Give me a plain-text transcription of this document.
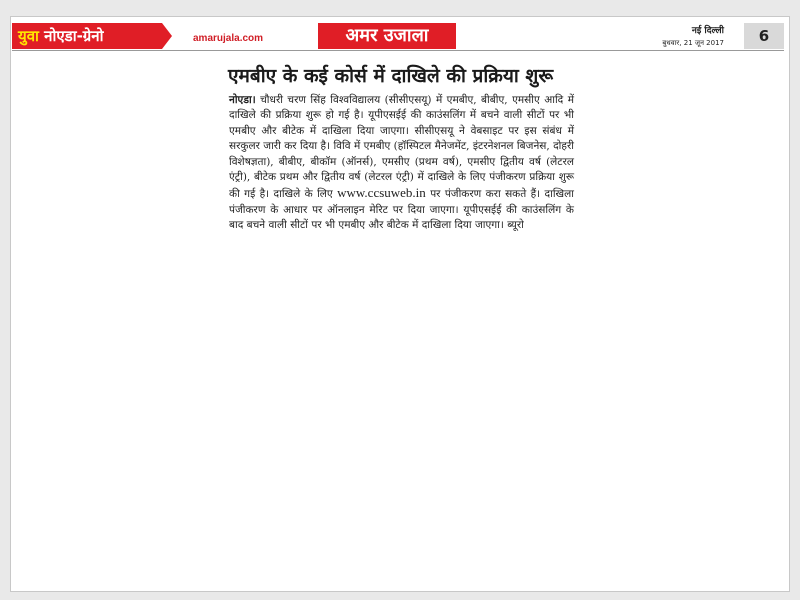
युवा नोएडा-ग्रेनो	amarujala.com	अमर उजाला	नई दिल्ली
बुधवार, 21 जून 2017	6
एमबीए के कई कोर्स में दाखिले की प्रक्रिया शुरू
नोएडा। चौधरी चरण सिंह विश्वविद्यालय (सीसीएसयू) में एमबीए, बीबीए, एमसीए आदि में दाखिले की प्रक्रिया शुरू हो गई है। यूपीएसईई की काउंसलिंग में बचने वाली सीटों पर भी एमबीए और बीटेक में दाखिला दिया जाएगा। सीसीएसयू ने वेबसाइट पर इस संबंध में सरकुलर जारी कर दिया है। विवि में एमबीए (हॉस्पिटल मैनेजमेंट, इंटरनेशनल बिजनेस, दोहरी विशेषज्ञता), बीबीए, बीकॉम (ऑनर्स), एमसीए (प्रथम वर्ष), एमसीए द्वितीय वर्ष (लेटरल एंट्री), बीटेक प्रथम और द्वितीय वर्ष (लेटरल एंट्री) में दाखिले के लिए पंजीकरण प्रक्रिया शुरू की गई है। दाखिले के लिए www.ccsuweb.in पर पंजीकरण करा सकते हैं। दाखिला पंजीकरण के आधार पर ऑनलाइन मेरिट पर दिया जाएगा। यूपीएसईई की काउंसलिंग के बाद बचने वाली सीटों पर भी एमबीए और बीटेक में दाखिला दिया जाएगा। ब्यूरो
